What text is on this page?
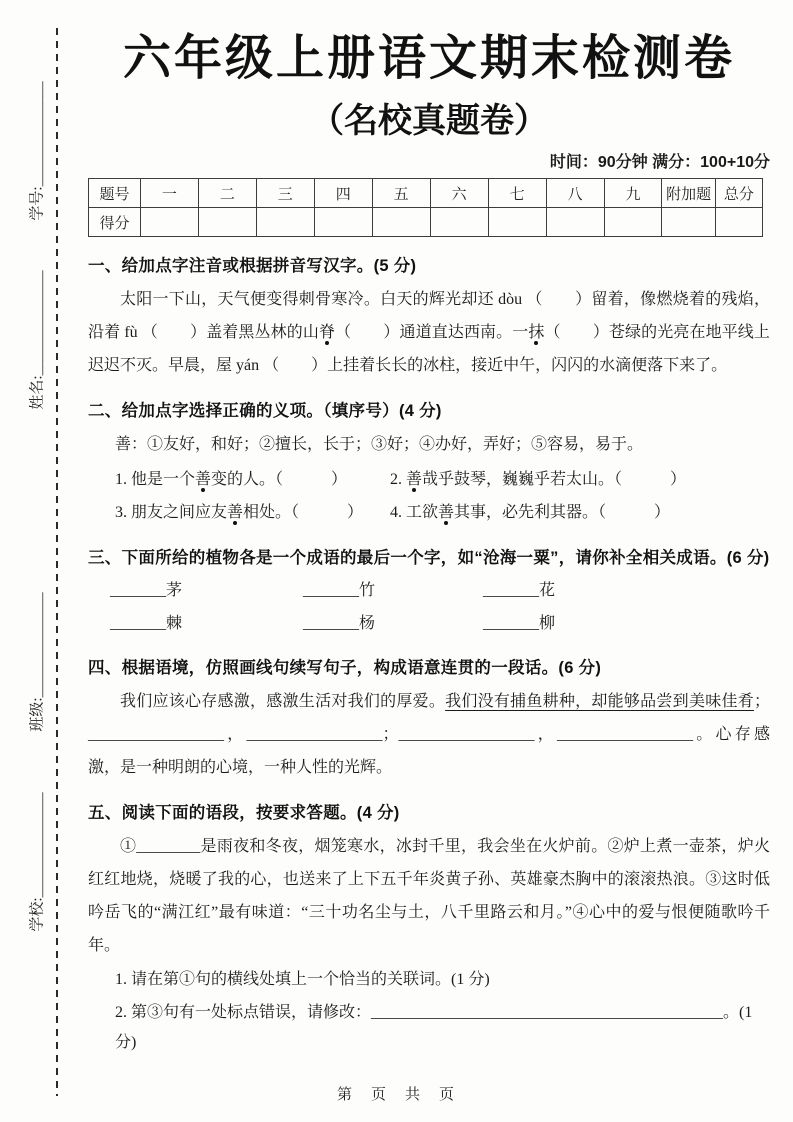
学号:
______________
姓名:
______________
班级:
______________
学校:
______________
六年级上册语文期末检测卷
（名校真题卷）
时间：90分钟 满分：100+10分
题号	一	二	三	四	五	六	七	八	九	附加题	总分
得分											
一、给加点字注音或根据拼音写汉字。(5 分)

太阳一下山，天气便变得刺骨寒冷。白天的辉光却还 dòu （　　）留着，像燃烧着的残焰，沿着 fù （　　）盖着黑丛林的山脊（　　）通道直达西南。一抹（　　）苍绿的光亮在地平线上迟迟不灭。早晨，屋 yán （　　）上挂着长长的冰柱，接近中午，闪闪的水滴便落下来了。

二、给加点字选择正确的义项。（填序号）(4 分)

善：①友好，和好；②擅长，长于；③好；④办好，弄好；⑤容易，易于。

1. 他是一个善变的人。（　　　）	2. 善哉乎鼓琴，巍巍乎若太山。（　　　）

3. 朋友之间应友善相处。（　　　）	4. 工欲善其事，必先利其器。（　　　）

三、下面所给的植物各是一个成语的最后一个字，如“沧海一粟”，请你补全相关成语。(6 分)
_______茅	_______竹	_______花
_______棘	_______杨	_______柳
四、根据语境，仿照画线句续写句子，构成语意连贯的一段话。(6 分)

我们应该心存感激，感激生活对我们的厚爱。我们没有捕鱼耕种，却能够品尝到美味佳肴；_________________，_________________；_________________，_________________。心存感激，是一种明朗的心境，一种人性的光辉。

五、阅读下面的语段，按要求答题。(4 分)

①________是雨夜和冬夜，烟笼寒水，冰封千里，我会坐在火炉前。②炉上煮一壶茶，炉火红红地烧，烧暖了我的心，也送来了上下五千年炎黄子孙、英雄豪杰胸中的滚滚热浪。③这时低吟岳飞的“满江红”最有味道：“三十功名尘与土，八千里路云和月。”④心中的爱与恨便随歌吟千年。

1. 请在第①句的横线处填上一个恰当的关联词。(1 分)

2. 第③句有一处标点错误，请修改：____________________________________________。(1 分)

第　页　共　页
